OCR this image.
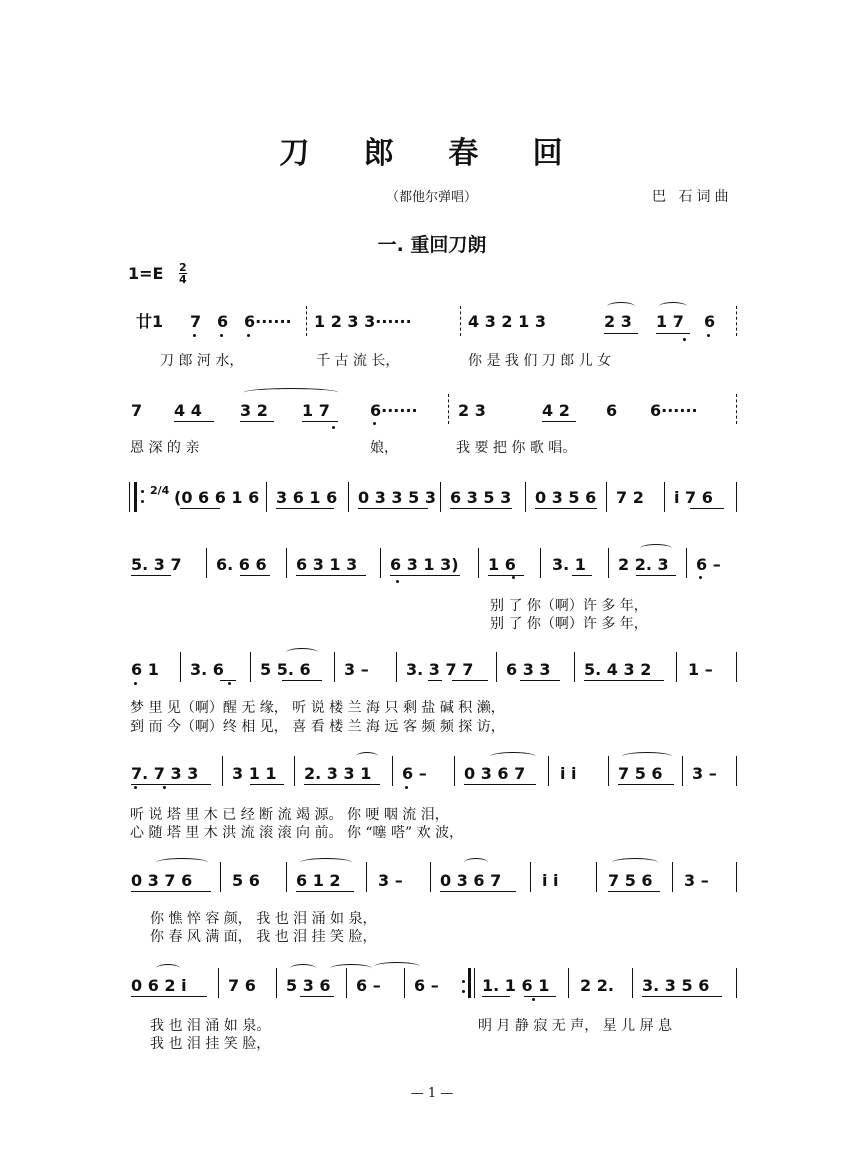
刀 郎 春 回
（都他尔弹唱）	巴 石词曲
一. 重回刀朗
1=E 2
4
廿1 7 6 6······ 1 2 3 3······	4 3 2 1 3	2 3 1 7 6
刀 郎 河 水，	千 古 流 长，	你 是 我 们 刀 郎 儿 女
7 4 4 3 2 1 7	6······	2 3	4 2 6 6······
恩 深 的 亲	娘，	我 要 把 你 歌 唱。
2/4 (0 6 6 1 6 3 6 1 6 0 3 3 5 3 6 3 5 3 0 3 5 6 7 2 i 7 6
5. 3 7 6. 6 6 6 3 1 3 6 3 1 3) 1 6 3. 1 2 2. 3 6 –
别 了 你（啊）许 多 年，
别 了 你（啊）许 多 年，
6 1 3. 6 5 5. 6 3 – 3. 3 7 7 6 3 3 5. 4 3 2 1 –
梦 里 见（啊）醒 无 缘， 听 说 楼 兰 海 只 剩 盐 碱 积 濑，
到 而 今（啊）终 相 见， 喜 看 楼 兰 海 远 客 频 频 探 访，
7. 7 3 3 3 1 1 2. 3 3 1 6 – 0 3 6 7 i i	7 5 6 3 –
听 说 塔 里 木 已 经 断 流 竭 源。 你 哽 咽 流 泪，
心 随 塔 里 木 洪 流 滚 滚 向 前。 你 “噻 嗒” 欢 波，
0 3 7 6 5 6 6 1 2 3 – 0 3 6 7	i i	7 5 6 3 –
你 憔 悴 容 颜， 我 也 泪 涌 如 泉，
你 春 风 满 面， 我 也 泪 挂 笑 脸，
0 6 2 i	7 6 5 3 6 6 – 6 –	1. 1 6 1 2 2. 3. 3 5 6
我 也 泪 涌 如 泉。	明 月 静 寂 无 声， 星 儿 屏 息
我 也 泪 挂 笑 脸，
— 1 —
